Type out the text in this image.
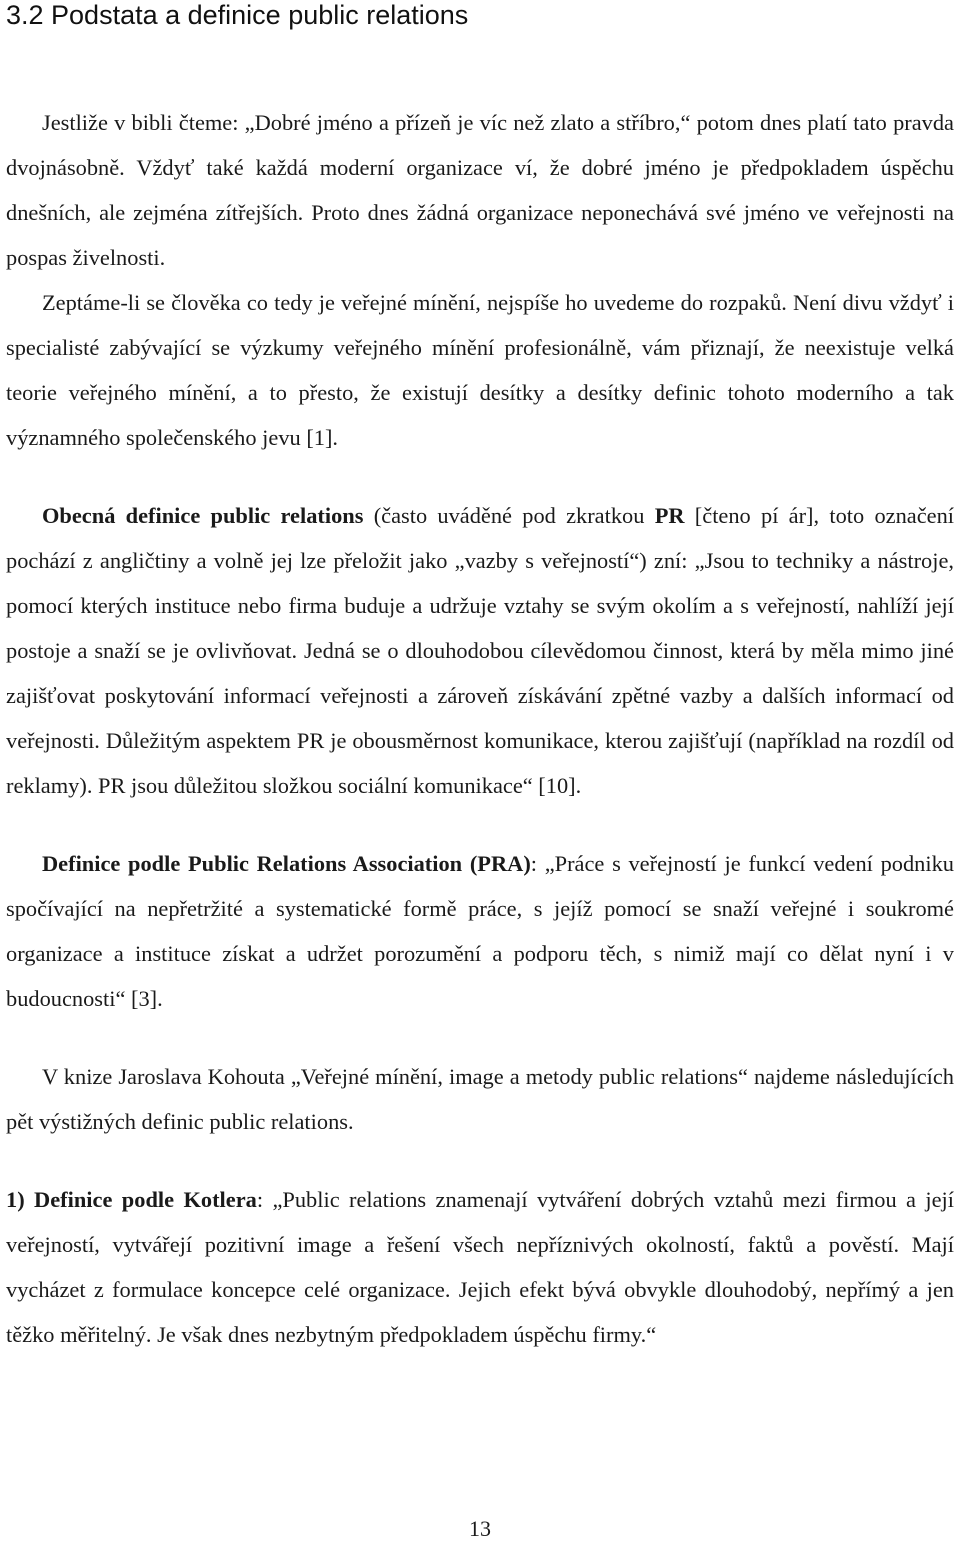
3.2 Podstata a definice public relations

Jestliže v bibli čteme: „Dobré jméno a přízeň je víc než zlato a stříbro,“ potom dnes platí tato pravda dvojnásobně. Vždyť také každá moderní organizace ví, že dobré jméno je předpokladem úspěchu dnešních, ale zejména zítřejších. Proto dnes žádná organizace neponechává své jméno ve veřejnosti na pospas živelnosti.

Zeptáme-li se člověka co tedy je veřejné mínění, nejspíše ho uvedeme do rozpaků. Není divu vždyť i specialisté zabývající se výzkumy veřejného mínění profesionálně, vám přiznají, že neexistuje velká teorie veřejného mínění, a to přesto, že existují desítky a desítky definic tohoto moderního a tak významného společenského jevu [1].

Obecná definice public relations (často uváděné pod zkratkou PR [čteno pí ár], toto označení pochází z angličtiny a volně jej lze přeložit jako „vazby s veřejností“) zní: „Jsou to techniky a nástroje, pomocí kterých instituce nebo firma buduje a udržuje vztahy se svým okolím a s veřejností, nahlíží její postoje a snaží se je ovlivňovat. Jedná se o dlouhodobou cílevědomou činnost, která by měla mimo jiné zajišťovat poskytování informací veřejnosti a zároveň získávání zpětné vazby a dalších informací od veřejnosti. Důležitým aspektem PR je obousměrnost komunikace, kterou zajišťují (například na rozdíl od reklamy). PR jsou důležitou složkou sociální komunikace“ [10].

Definice podle Public Relations Association (PRA): „Práce s veřejností je funkcí vedení podniku spočívající na nepřetržité a systematické formě práce, s jejíž pomocí se snaží veřejné i soukromé organizace a instituce získat a udržet porozumění a podporu těch, s nimiž mají co dělat nyní i v budoucnosti“ [3].

V knize Jaroslava Kohouta „Veřejné mínění, image a metody public relations“ najdeme následujících pět výstižných definic public relations.

1) Definice podle Kotlera: „Public relations znamenají vytváření dobrých vztahů mezi firmou a její veřejností, vytvářejí pozitivní image a řešení všech nepříznivých okolností, faktů a pověstí. Mají vycházet z formulace koncepce celé organizace. Jejich efekt bývá obvykle dlouhodobý, nepřímý a jen těžko měřitelný. Je však dnes nezbytným předpokladem úspěchu firmy.“

13
